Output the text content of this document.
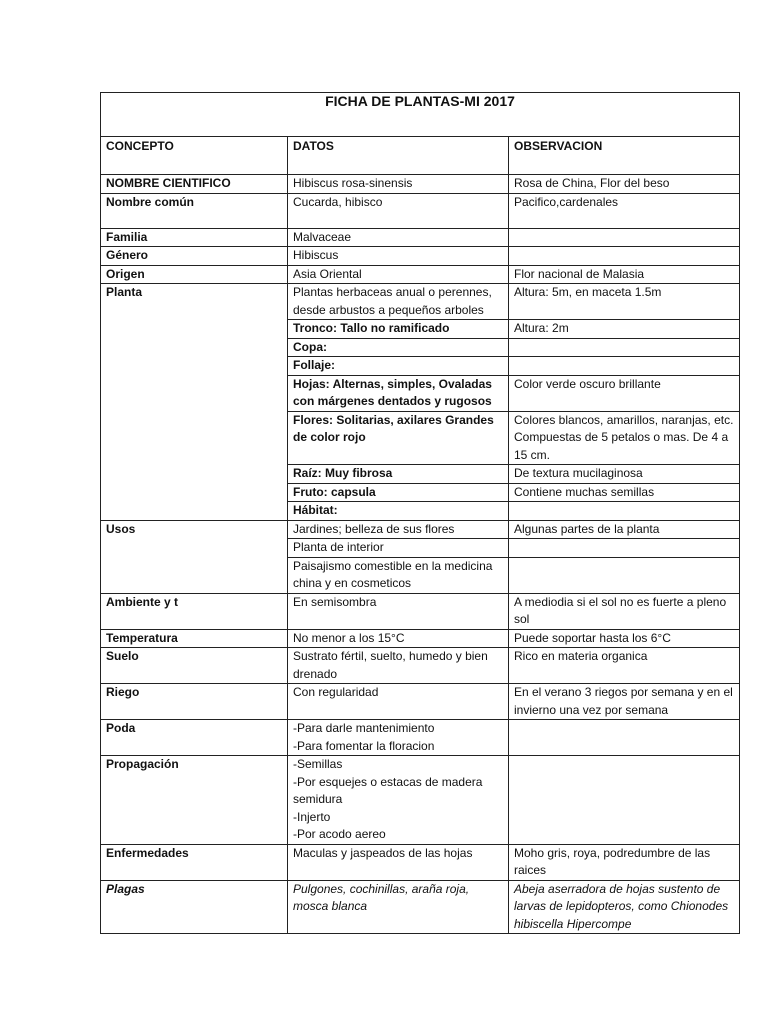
FICHA DE PLANTAS-MI 2017		
CONCEPTO	DATOS	OBSERVACION
NOMBRE CIENTIFICO	Hibiscus rosa-sinensis	Rosa de China, Flor del beso
Nombre común	Cucarda, hibisco	Pacifico,cardenales
Familia	Malvaceae	
Género	Hibiscus	
Origen	Asia Oriental	Flor nacional de Malasia
Planta	Plantas herbaceas anual o perennes, desde arbustos a pequeños arboles	Altura: 5m, en maceta 1.5m
	Tronco: Tallo no ramificado	Altura: 2m
	Copa:	
	Follaje:	
	Hojas: Alternas, simples, Ovaladas con márgenes dentados y rugosos	Color verde oscuro brillante
	Flores: Solitarias, axilares Grandes de color rojo	Colores blancos, amarillos, naranjas, etc. Compuestas de 5 petalos o mas. De 4 a 15 cm.
	Raíz: Muy fibrosa	De textura mucilaginosa
	Fruto: capsula	Contiene muchas semillas
	Hábitat:	
Usos	Jardines; belleza de sus flores	Algunas partes de la planta
	Planta de interior	
	Paisajismo comestible en la medicina china y en cosmeticos	
Ambiente y t	En semisombra	A mediodia si el sol no es fuerte a pleno sol
Temperatura	No menor a los 15°C	Puede soportar hasta los 6°C
Suelo	Sustrato fértil, suelto, humedo y bien drenado	Rico en materia organica
Riego	Con regularidad	En el verano 3 riegos por semana y en el invierno una vez por semana
Poda	-Para darle mantenimiento
-Para fomentar la floracion	

Propagación	-Semillas
-Por esquejes o estacas de madera semidura
-Injerto
-Por acodo aereo	

Enfermedades	Maculas y jaspeados de las hojas	Moho gris, roya, podredumbre de las raices
Plagas	Pulgones, cochinillas, araña roja, mosca blanca	Abeja aserradora de hojas sustento de larvas de lepidopteros, como Chionodes hibiscella Hipercompe
